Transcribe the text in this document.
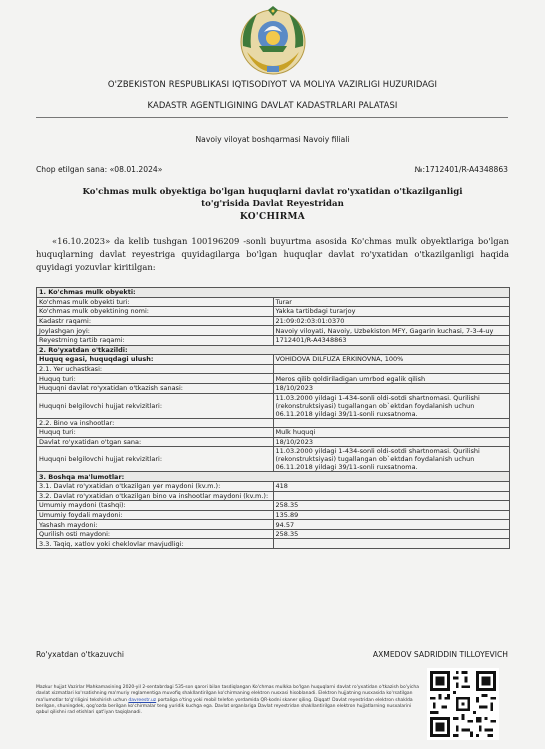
O'ZBEKISTON RESPUBLIKASI IQTISODIYOT VA MOLIYA VAZIRLIGI HUZURIDAGI
KADASTR AGENTLIGINING DAVLAT KADASTRLARI PALATASI
Navoiy viloyat boshqarmasi Navoiy filiali
Chop etilgan sana: «08.01.2024»	№:1712401/R-A4348863
Ko'chmas mulk obyektiga bo'lgan huquqlarni davlat ro'yxatidan o'tkazilganligi to'g'risida Davlat Reyestridan
KO'CHIRMA
«16.10.2023» da kelib tushgan 100196209 -sonli buyurtma asosida Ko'chmas mulk obyektlariga bo'lgan huquqlarning davlat reyestriga quyidagilarga bo'lgan huquqlar davlat ro'yxatidan o'tkazilganligi haqida quyidagi yozuvlar kiritilgan:
1. Ko'chmas mulk obyekti:	
Ko'chmas mulk obyekti turi:	Turar
Ko'chmas mulk obyektining nomi:	Yakka tartibdagi turarjoy
Kadastr raqami:	21:09:02:03:01:0370
Joylashgan joyi:	Navoiy viloyati, Navoiy, Uzbekiston MFY, Gagarin kuchasi, 7-3-4-uy
Reyestrning tartib raqami:	1712401/R-A4348863
2. Ro'yxatdan o'tkazildi:	
Huquq egasi, huquqdagi ulush:	VOHIDOVA DILFUZA ERKINOVNA, 100%
2.1. Yer uchastkasi:	
Huquq turi:	Meros qilib qoldiriladigan umrbod egalik qilish
Huquqni davlat ro'yxatidan o'tkazish sanasi:	18/10/2023
Huquqni belgilovchi hujjat rekvizitlari:	11.03.2000 yildagi 1-434-sonli oldi-sotdi shartnomasi. Qurilishi (rekonstruktsiyasi) tugallangan ob`ektdan foydalanish uchun 06.11.2018 yildagi 39/11-sonli ruxsatnoma.
2.2. Bino va inshootlar:	
Huquq turi:	Mulk huquqi
Davlat ro'yxatidan o'tgan sana:	18/10/2023
Huquqni belgilovchi hujjat rekvizitlari:	11.03.2000 yildagi 1-434-sonli oldi-sotdi shartnomasi. Qurilishi (rekonstruktsiyasi) tugallangan ob`ektdan foydalanish uchun 06.11.2018 yildagi 39/11-sonli ruxsatnoma.
3. Boshqa ma'lumotlar:	
3.1. Davlat ro'yxatidan o'tkazilgan yer maydoni (kv.m.):	418
3.2. Davlat ro'yxatidan o'tkazilgan bino va inshootlar maydoni (kv.m.):	
Umumiy maydoni (tashqi):	258.35
Umumiy foydali maydoni:	135.89
Yashash maydoni:	94.57
Qurilish osti maydoni:	258.35
3.3. Taqiq, xatlov yoki cheklovlar mavjudligi:	
Ro'yxatdan o'tkazuvchi	AXMEDOV SADRIDDIN TILLOYEVICH
Mazkur hujjat Vazirlar Mahkamasining 2020-yil 2-sentabrdagi 535-son qarori bilan tasdiqlangan Ko'chmas mulkka bo'lgan huquqlarni davlat ro'yxatidan o'tkazish bo'yicha davlat xizmatlari ko'rsatishning ma'muriy reglamentiga muvofiq shakllantirilgan ko'chirmaning elektron nusxasi hisoblanadi. Elektron hujjatning nusxasida ko'rsatilgan ma'lumotlar to'g'riligini tekshirish uchun davreestr.uz portaliga o'ting yoki mobil telefon yordamida QR-kodni skaner qiling. Diqqat! Davlat reyestridan elektron shaklda berilgan, shuningdek, qog'ozda berilgan ko'chirmalar teng yuridik kuchga ega. Davlat organlariga Davlat reyestridan shakllantirilgan elektron hujjatlarning nusxalarini qabul qilishni rad etishlari qat'iyan taqiqlanadi.
